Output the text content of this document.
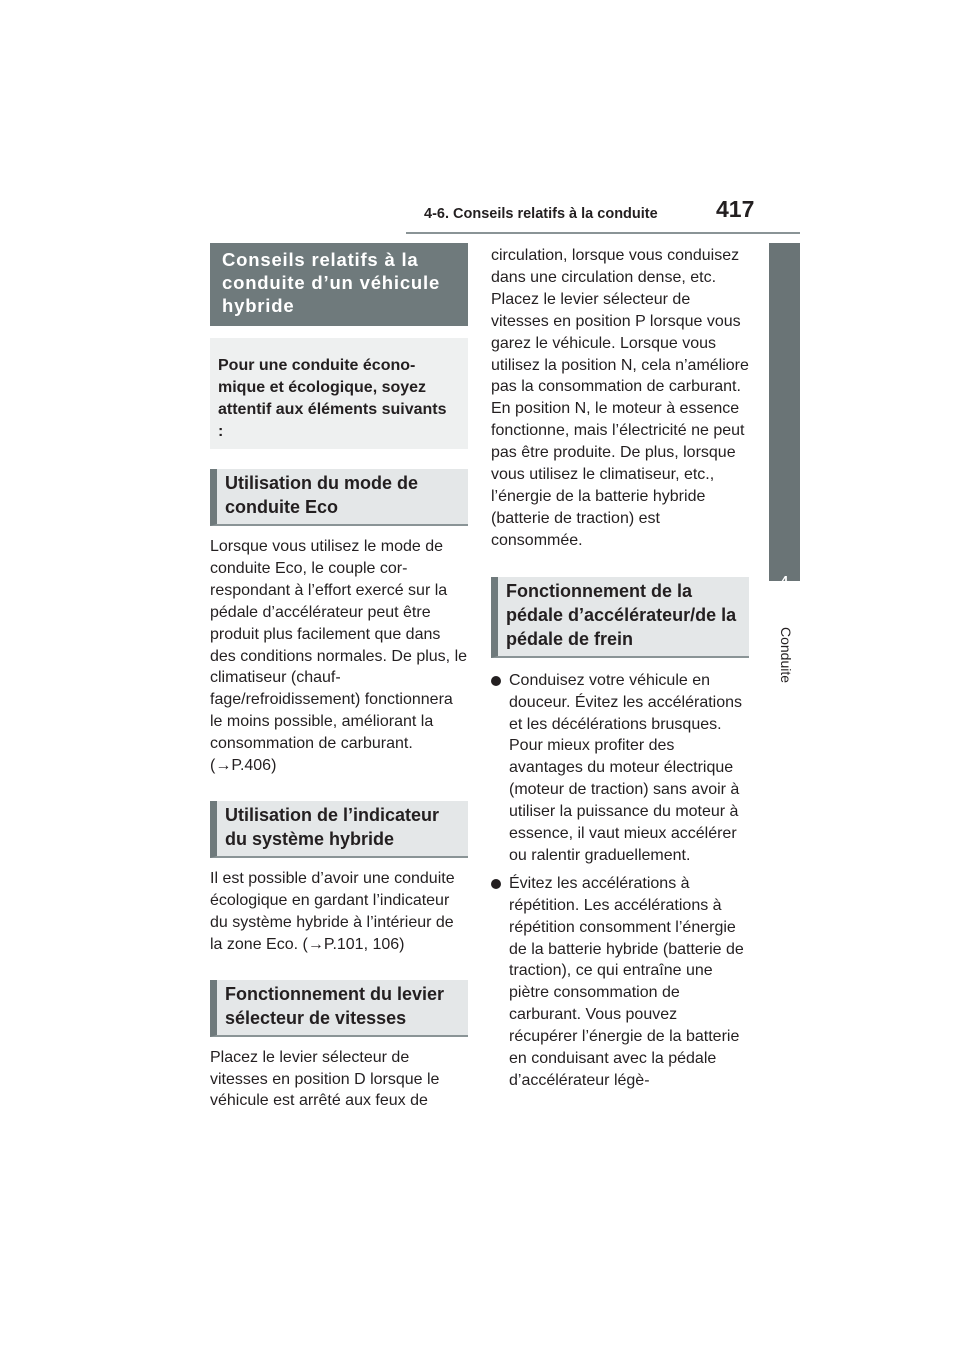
4-6. Conseils relatifs à la conduite	417
4
Conduite
Conseils relatifs à la conduite d’un véhicule hybride
Pour une conduite économique et écologique, soyez attentif aux éléments suivants :
Utilisation du mode de conduite Eco

Lorsque vous utilisez le mode de conduite Eco, le couple correspondant à l’effort exercé sur la pédale d’accélérateur peut être produit plus facilement que dans des conditions normales. De plus, le climatiseur (chauffage/refroidissement) fonctionnera le moins possible, améliorant la consommation de carburant. (→P.406)

Utilisation de l’indicateur du système hybride

Il est possible d’avoir une conduite écologique en gardant l’indicateur du système hybride à l’intérieur de la zone Eco. (→P.101, 106)

Fonctionnement du levier sélecteur de vitesses

Placez le levier sélecteur de vitesses en position D lorsque le véhicule est arrêté aux feux de

circulation, lorsque vous conduisez dans une circulation dense, etc. Placez le levier sélecteur de vitesses en position P lorsque vous garez le véhicule. Lorsque vous utilisez la position N, cela n’améliore pas la consommation de carburant. En position N, le moteur à essence fonctionne, mais l’électricité ne peut pas être produite. De plus, lorsque vous utilisez le climatiseur, etc., l’énergie de la batterie hybride (batterie de traction) est consommée.

Fonctionnement de la pédale d’accélérateur/de la pédale de frein
Conduisez votre véhicule en douceur. Évitez les accélérations et les décélérations brusques. Pour mieux profiter des avantages du moteur électrique (moteur de traction) sans avoir à utiliser la puissance du moteur à essence, il vaut mieux accélérer ou ralentir graduellement.
Évitez les accélérations à répétition. Les accélérations à répétition consomment l’énergie de la batterie hybride (batterie de traction), ce qui entraîne une piètre consommation de carburant. Vous pouvez récupérer l’énergie de la batterie en conduisant avec la pédale d’accélérateur légè-
